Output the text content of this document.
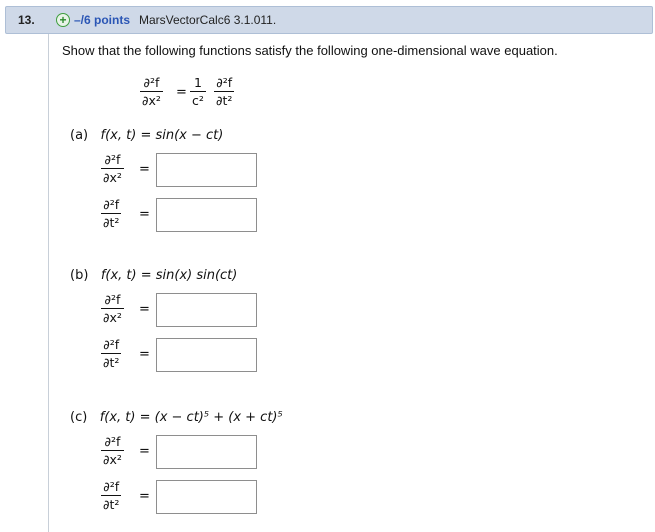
13. + –/6 points MarsVectorCalc6 3.1.011.
Show that the following functions satisfy the following one-dimensional wave equation.
∂²f
∂x²
=
1
c²
∂²f
∂t²
(a) f(x, t) = sin(x − ct)
∂²f
∂x²
=
∂²f
∂t²
=
(b) f(x, t) = sin(x) sin(ct)
∂²f
∂x²
=
∂²f
∂t²
=
(c) f(x, t) = (x − ct)⁵ + (x + ct)⁵
∂²f
∂x²
=
∂²f
∂t²
=
